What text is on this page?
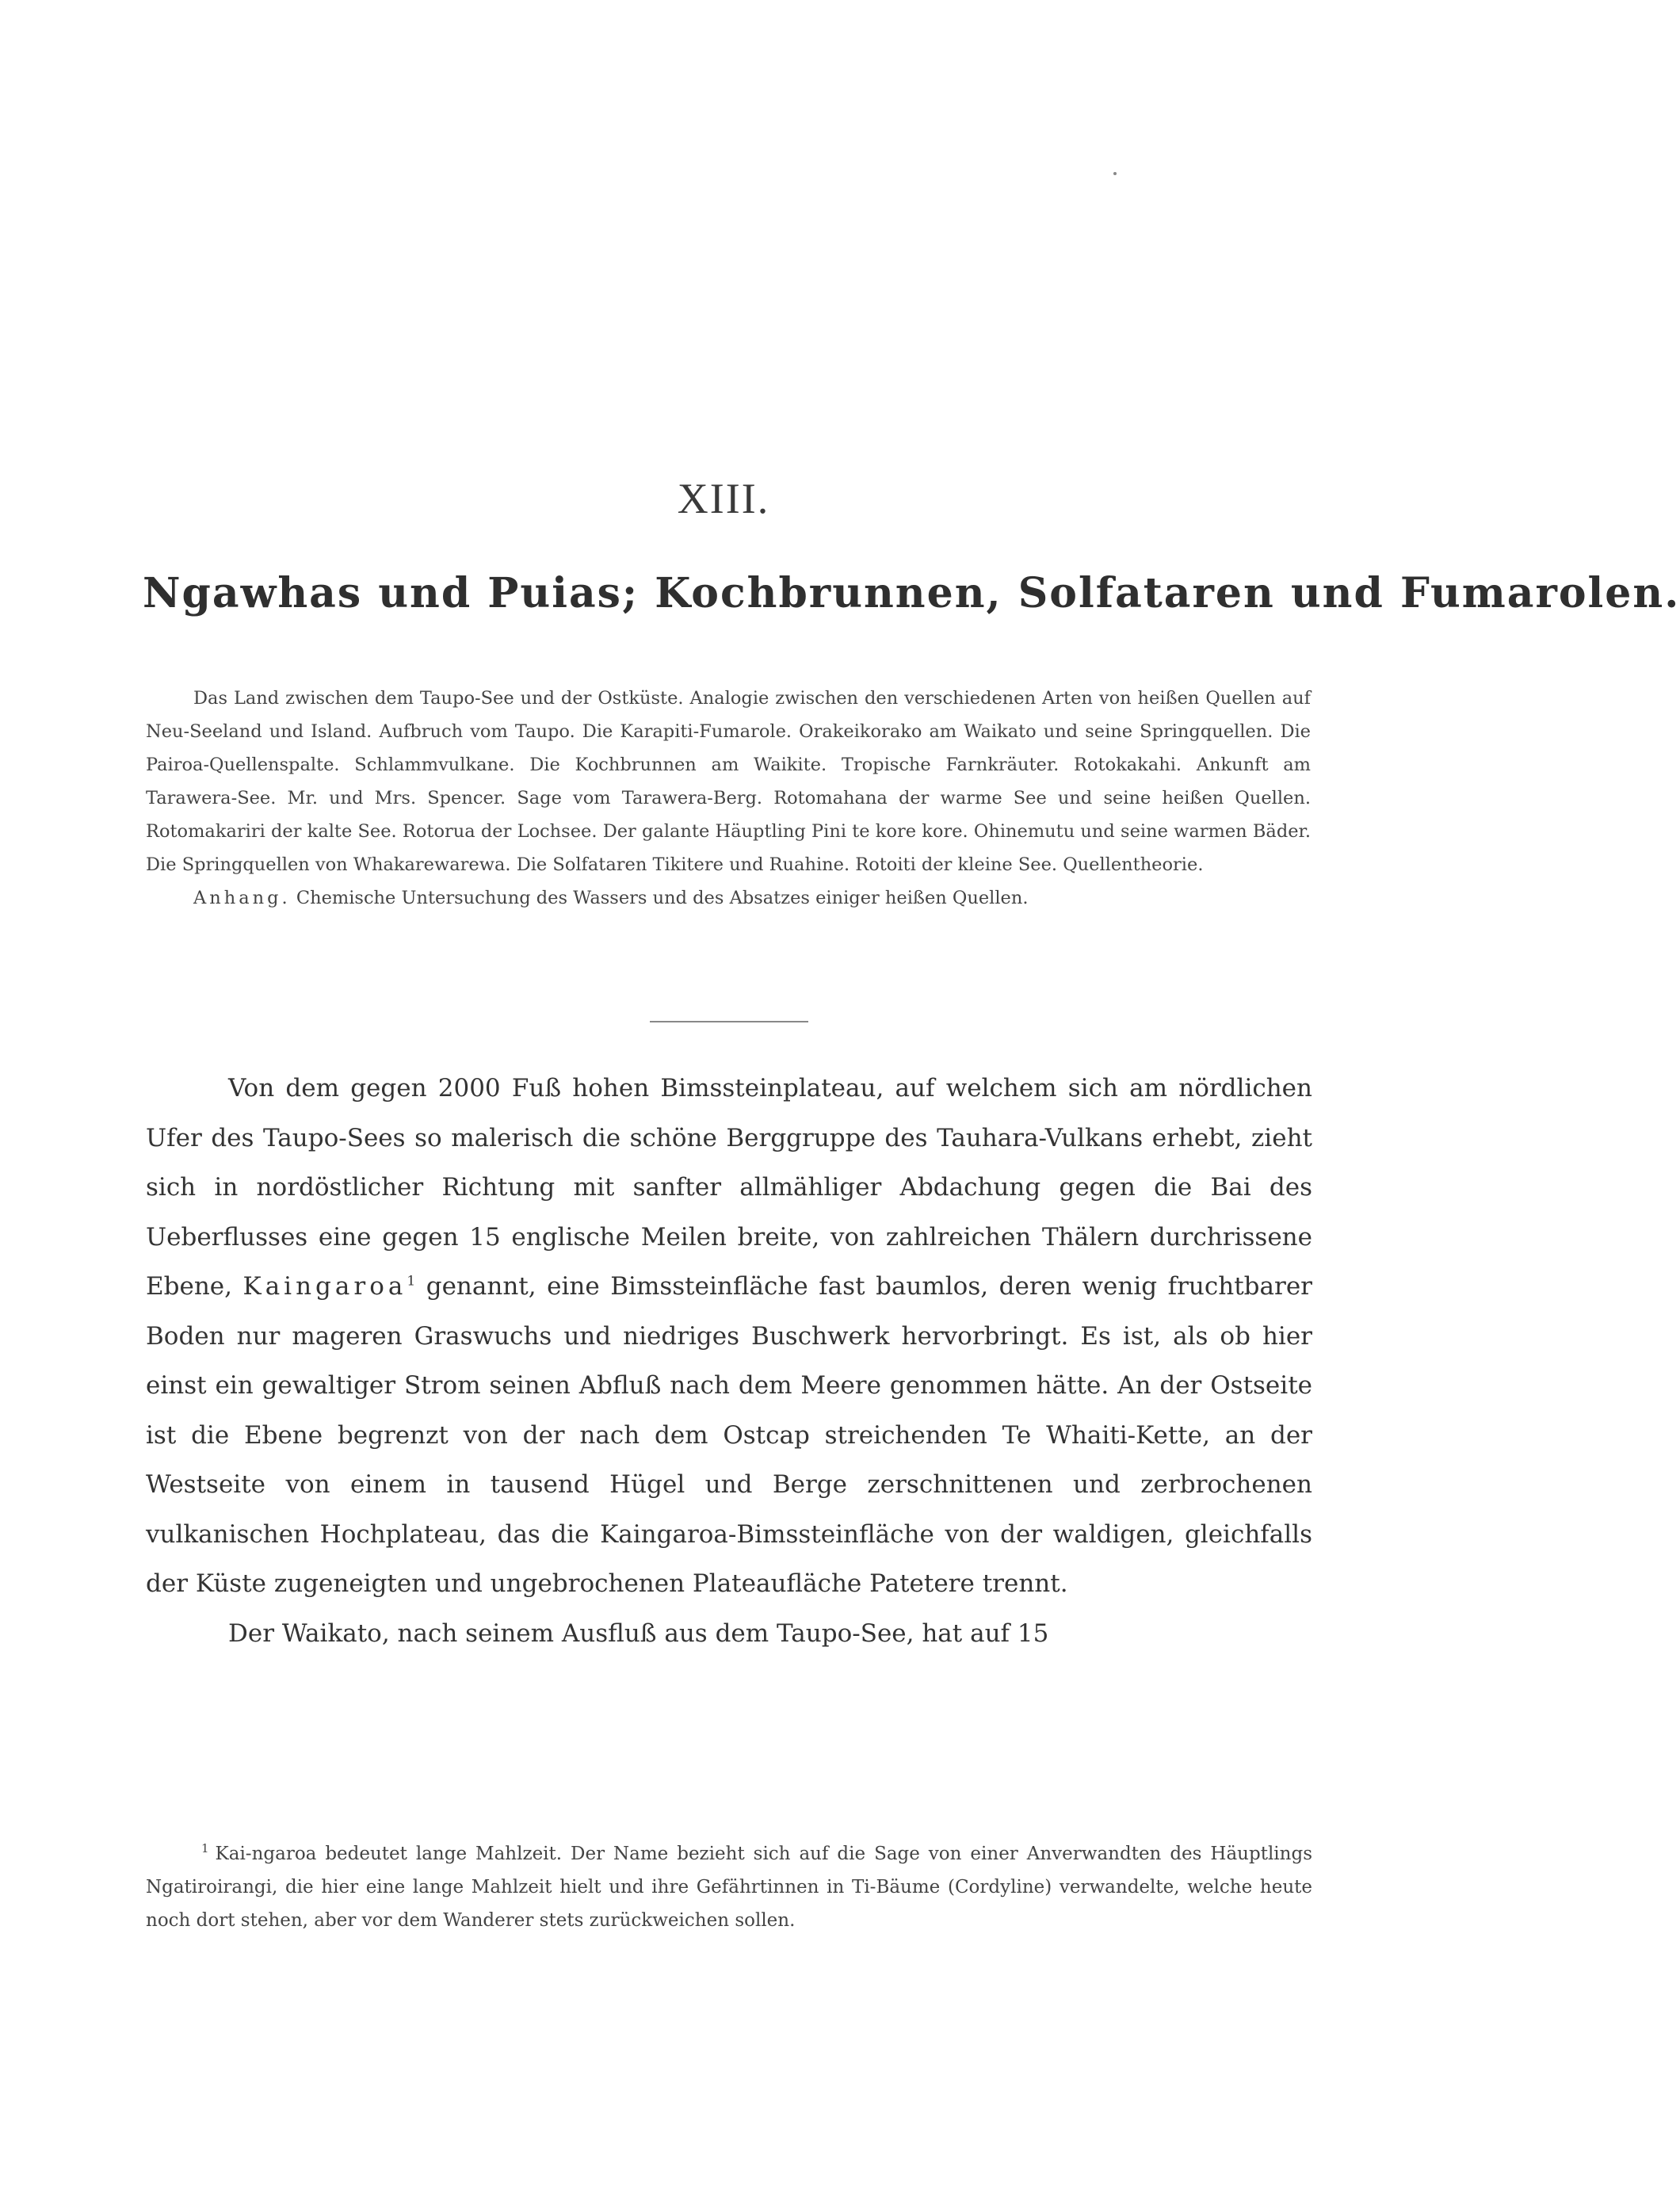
XIII.
Ngawhas und Puias; Kochbrunnen, Solfataren und Fumarolen.

Das Land zwischen dem Taupo-See und der Ostküste. Analogie zwischen den verschiedenen Arten von heißen Quellen auf Neu-Seeland und Island. Aufbruch vom Taupo. Die Karapiti-Fumarole. Orakeikorako am Waikato und seine Springquellen. Die Pairoa-Quellenspalte. Schlammvulkane. Die Kochbrunnen am Waikite. Tropische Farnkräuter. Rotokakahi. Ankunft am Tarawera-See. Mr. und Mrs. Spencer. Sage vom Tarawera-Berg. Rotomahana der warme See und seine heißen Quellen. Rotomakariri der kalte See. Rotorua der Lochsee. Der galante Häuptling Pini te kore kore. Ohinemutu und seine warmen Bäder. Die Springquellen von Whakarewarewa. Die Solfataren Tikitere und Ruahine. Rotoiti der kleine See. Quellentheorie.

Anhang. Chemische Untersuchung des Wassers und des Absatzes einiger heißen Quellen.

Von dem gegen 2000 Fuß hohen Bimssteinplateau, auf welchem sich am nördlichen Ufer des Taupo-Sees so malerisch die schöne Berggruppe des Tauhara-Vulkans erhebt, zieht sich in nordöstlicher Richtung mit sanfter allmähliger Abdachung gegen die Bai des Ueberflusses eine gegen 15 englische Meilen breite, von zahlreichen Thälern durchrissene Ebene, Kaingaroa$^1$ genannt, eine Bimssteinfläche fast baumlos, deren wenig fruchtbarer Boden nur mageren Graswuchs und niedriges Buschwerk hervorbringt. Es ist, als ob hier einst ein gewaltiger Strom seinen Abfluß nach dem Meere genommen hätte. An der Ostseite ist die Ebene begrenzt von der nach dem Ostcap streichenden Te Whaiti-Kette, an der Westseite von einem in tausend Hügel und Berge zerschnittenen und zerbrochenen vulkanischen Hochplateau, das die Kaingaroa-Bimssteinfläche von der waldigen, gleichfalls der Küste zugeneigten und ungebrochenen Plateaufläche Patetere trennt.

Der Waikato, nach seinem Ausfluß aus dem Taupo-See, hat auf 15

$^1$ Kai-ngaroa bedeutet lange Mahlzeit. Der Name bezieht sich auf die Sage von einer Anverwandten des Häuptlings Ngatiroirangi, die hier eine lange Mahlzeit hielt und ihre Gefährtinnen in Ti-Bäume (Cordyline) verwandelte, welche heute noch dort stehen, aber vor dem Wanderer stets zurückweichen sollen.
